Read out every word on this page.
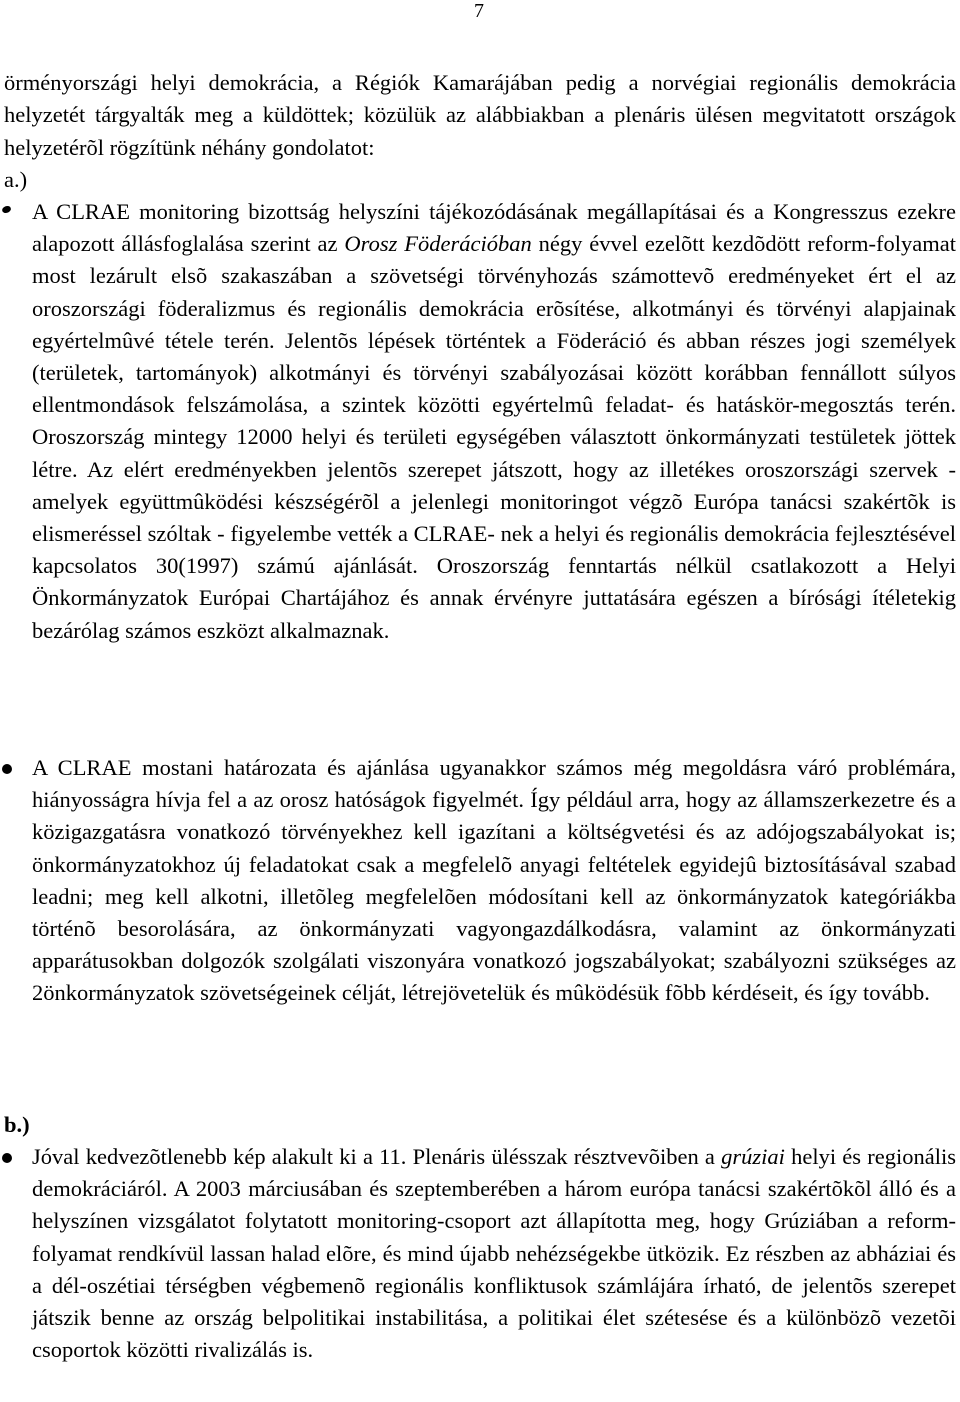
7

örményországi helyi demokrácia, a Régiók Kamarájában pedig a norvégiai regionális demokrácia helyzetét tárgyalták meg a küldöttek; közülük az alábbiakban a plenáris ülésen megvitatott országok helyzetérõl rögzítünk néhány gondolatot:

a.)

A CLRAE monitoring bizottság helyszíni tájékozódásának megállapításai és a Kongresszus ezekre alapozott állásfoglalása szerint az Orosz Föderációban négy évvel ezelõtt kezdõdött reform-folyamat most lezárult elsõ szakaszában a szövetségi törvényhozás számottevõ eredményeket ért el az oroszországi föderalizmus és regionális demokrácia erõsítése, alkotmányi és törvényi alapjainak egyértelmûvé tétele terén. Jelentõs lépések történtek a Föderáció és abban részes jogi személyek (területek, tartományok) alkotmányi és törvényi szabályozásai között korábban fennállott súlyos ellentmondások felszámolása, a szintek közötti egyértelmû feladat- és hatáskör-megosztás terén. Oroszország mintegy 12000 helyi és területi egységében választott önkormányzati testületek jöttek létre. Az elért eredményekben jelentõs szerepet játszott, hogy az illetékes oroszországi szervek - amelyek együttmûködési készségérõl a jelenlegi monitoringot végzõ Európa tanácsi szakértõk is elismeréssel szóltak - figyelembe vették a CLRAE- nek a helyi és regionális demokrácia fejlesztésével kapcsolatos 30(1997) számú ajánlását. Oroszország fenntartás nélkül csatlakozott a Helyi Önkormányzatok Európai Chartájához és annak érvényre juttatására egészen a bírósági ítéletekig bezárólag számos eszközt alkalmaznak.

A CLRAE mostani határozata és ajánlása ugyanakkor számos még megoldásra váró problémára, hiányosságra hívja fel a az orosz hatóságok figyelmét. Így például arra, hogy az államszerkezetre és a közigazgatásra vonatkozó törvényekhez kell igazítani a költségvetési és az adójogszabályokat is; önkormányzatokhoz új feladatokat csak a megfelelõ anyagi feltételek egyidejû biztosításával szabad leadni; meg kell alkotni, illetõleg megfelelõen módosítani kell az önkormányzatok kategóriákba történõ besorolására, az önkormányzati vagyongazdálkodásra, valamint az önkormányzati apparátusokban dolgozók szolgálati viszonyára vonatkozó jogszabályokat; szabályozni szükséges az 2önkormányzatok szövetségeinek célját, létrejövetelük és mûködésük fõbb kérdéseit, és így tovább.

b.)

Jóval kedvezõtlenebb kép alakult ki a 11. Plenáris ülésszak résztvevõiben a grúziai helyi és regionális demokráciáról. A 2003 márciusában és szeptemberében a három európa tanácsi szakértõkõl álló és a helyszínen vizsgálatot folytatott monitoring-csoport azt állapította meg, hogy Grúziában a reform-folyamat rendkívül lassan halad elõre, és mind újabb nehézségekbe ütközik. Ez részben az abháziai és a dél-oszétiai térségben végbemenõ regionális konfliktusok számlájára írható, de jelentõs szerepet játszik benne az ország belpolitikai instabilitása, a politikai élet szétesése és a különbözõ vezetõi csoportok közötti rivalizálás is.
